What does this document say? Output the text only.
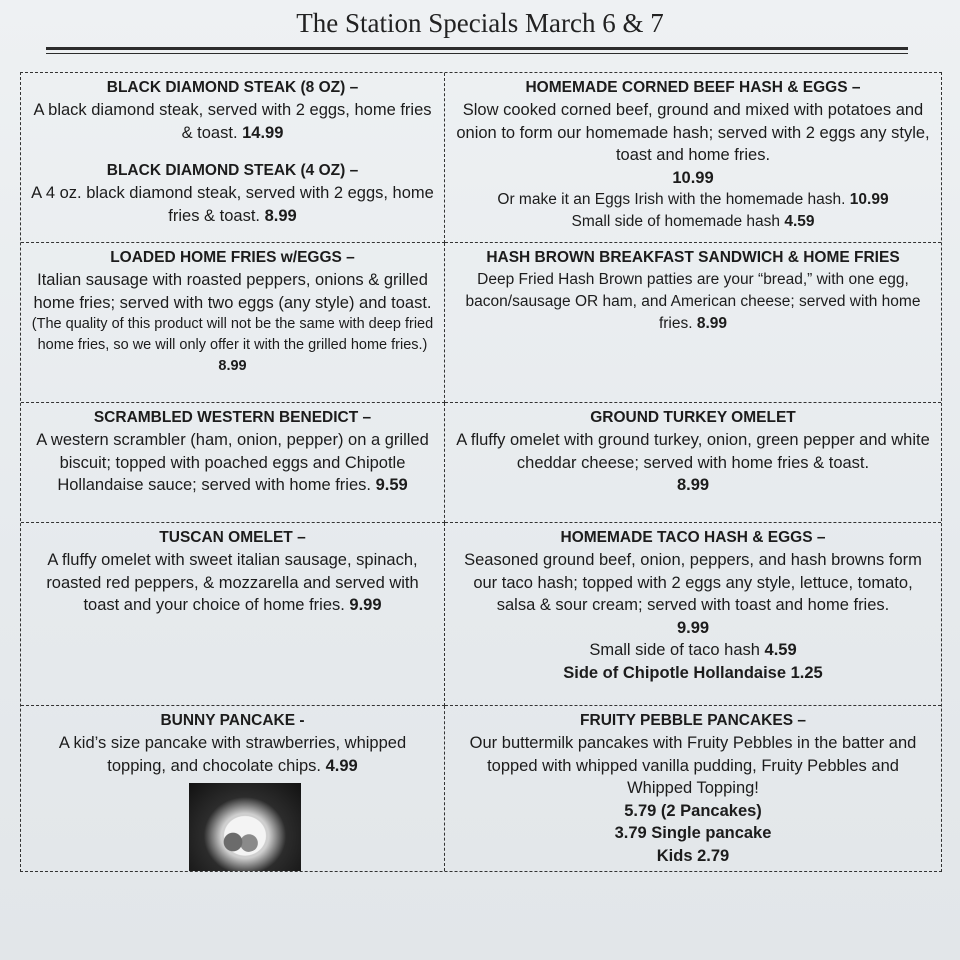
The Station Specials March 6 & 7
BLACK DIAMOND STEAK (8 OZ) –
A black diamond steak, served with 2 eggs, home fries & toast. 14.99
BLACK DIAMOND STEAK (4 OZ) –
A 4 oz. black diamond steak, served with 2 eggs, home fries & toast. 8.99
HOMEMADE CORNED BEEF HASH & EGGS –
Slow cooked corned beef, ground and mixed with potatoes and onion to form our homemade hash; served with 2 eggs any style, toast and home fries.
10.99
Or make it an Eggs Irish with the homemade hash. 10.99
Small side of homemade hash 4.59
LOADED HOME FRIES w/EGGS –
Italian sausage with roasted peppers, onions & grilled home fries; served with two eggs (any style) and toast.
(The quality of this product will not be the same with deep fried home fries, so we will only offer it with the grilled home fries.) 8.99
HASH BROWN BREAKFAST SANDWICH & HOME FRIES
Deep Fried Hash Brown patties are your “bread,” with one egg, bacon/sausage OR ham, and American cheese; served with home fries. 8.99
SCRAMBLED WESTERN BENEDICT –
A western scrambler (ham, onion, pepper) on a grilled biscuit; topped with poached eggs and Chipotle Hollandaise sauce; served with home fries. 9.59
GROUND TURKEY OMELET
A fluffy omelet with ground turkey, onion, green pepper and white cheddar cheese; served with home fries & toast.
8.99
TUSCAN OMELET –
A fluffy omelet with sweet italian sausage, spinach, roasted red peppers, & mozzarella and served with toast and your choice of home fries. 9.99
HOMEMADE TACO HASH & EGGS –
Seasoned ground beef, onion, peppers, and hash browns form our taco hash; topped with 2 eggs any style, lettuce, tomato, salsa & sour cream; served with toast and home fries.
9.99
Small side of taco hash 4.59
Side of Chipotle Hollandaise 1.25
BUNNY PANCAKE -
A kid’s size pancake with strawberries, whipped topping, and chocolate chips. 4.99
FRUITY PEBBLE PANCAKES –
Our buttermilk pancakes with Fruity Pebbles in the batter and topped with whipped vanilla pudding, Fruity Pebbles and Whipped Topping!
5.79 (2 Pancakes)
3.79 Single pancake
Kids 2.79
